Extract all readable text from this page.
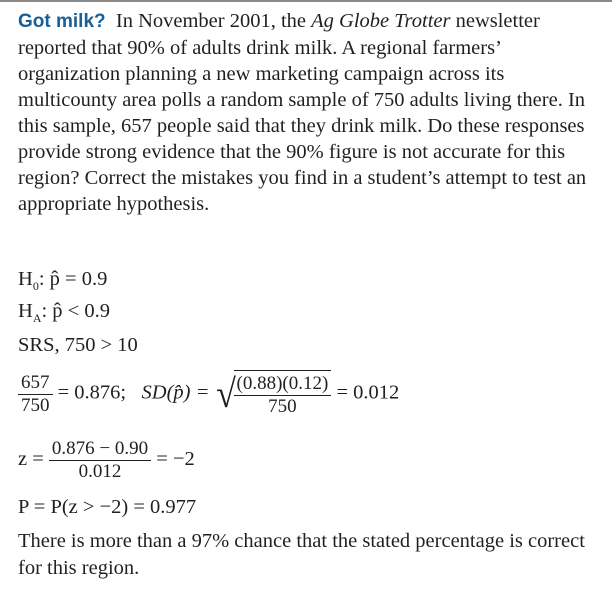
Got milk? In November 2001, the Ag Globe Trotter newsletter reported that 90% of adults drink milk. A regional farmers’ organization planning a new marketing campaign across its multicounty area polls a random sample of 750 adults living there. In this sample, 657 people said that they drink milk. Do these responses provide strong evidence that the 90% figure is not accurate for this region? Correct the mistakes you find in a student’s attempt to test an appropriate hypothesis.
$H_0$: p̂ = 0.9
$H_A$: p̂ < 0.9
SRS, 750 > 10
$\frac{657}{750} = 0.876$; SD(p̂) = √
$\frac{(0.88)(0.12)}{750} = 0.012$
$z = \frac{0.876 - 0.90}{0.012} = -2$
P = P(z > −2) = 0.977
There is more than a 97% chance that the stated percentage is correct for this region.
